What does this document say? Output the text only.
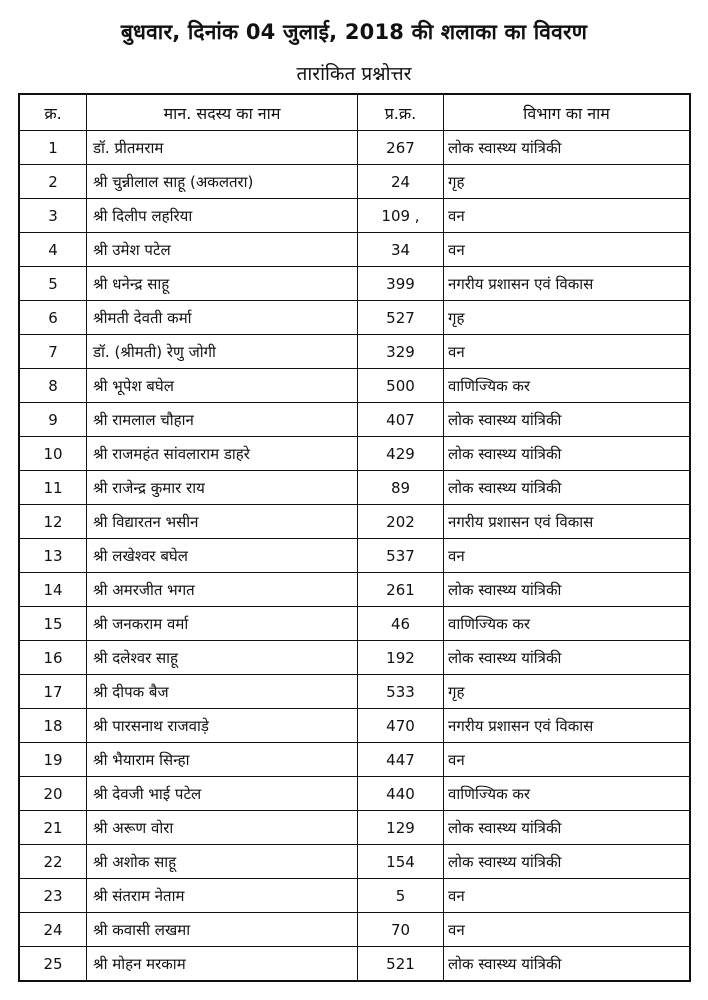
बुधवार, दिनांक 04 जुलाई, 2018 की शलाका का विवरण
तारांकित प्रश्नोत्तर
क्र.	मान. सदस्य का नाम	प्र.क्र.	विभाग का नाम
1	डॉ. प्रीतमराम	267	लोक स्वास्थ्य यांत्रिकी
2	श्री चुन्नीलाल साहू (अकलतरा)	24	गृह
3	श्री दिलीप लहरिया	109 ,	वन
4	श्री उमेश पटेल	34	वन
5	श्री धनेन्द्र साहू	399	नगरीय प्रशासन एवं विकास
6	श्रीमती देवती कर्मा	527	गृह
7	डॉ. (श्रीमती) रेणु जोगी	329	वन
8	श्री भूपेश बघेल	500	वाणिज्यिक कर
9	श्री रामलाल चौहान	407	लोक स्वास्थ्य यांत्रिकी
10	श्री राजमहंत सांवलाराम डाहरे	429	लोक स्वास्थ्य यांत्रिकी
11	श्री राजेन्द्र कुमार राय	89	लोक स्वास्थ्य यांत्रिकी
12	श्री विद्यारतन भसीन	202	नगरीय प्रशासन एवं विकास
13	श्री लखेश्वर बघेल	537	वन
14	श्री अमरजीत भगत	261	लोक स्वास्थ्य यांत्रिकी
15	श्री जनकराम वर्मा	46	वाणिज्यिक कर
16	श्री दलेश्वर साहू	192	लोक स्वास्थ्य यांत्रिकी
17	श्री दीपक बैज	533	गृह
18	श्री पारसनाथ राजवाड़े	470	नगरीय प्रशासन एवं विकास
19	श्री भैयाराम सिन्हा	447	वन
20	श्री देवजी भाई पटेल	440	वाणिज्यिक कर
21	श्री अरूण वोरा	129	लोक स्वास्थ्य यांत्रिकी
22	श्री अशोक साहू	154	लोक स्वास्थ्य यांत्रिकी
23	श्री संतराम नेताम	5	वन
24	श्री कवासी लखमा	70	वन
25	श्री मोहन मरकाम	521	लोक स्वास्थ्य यांत्रिकी
